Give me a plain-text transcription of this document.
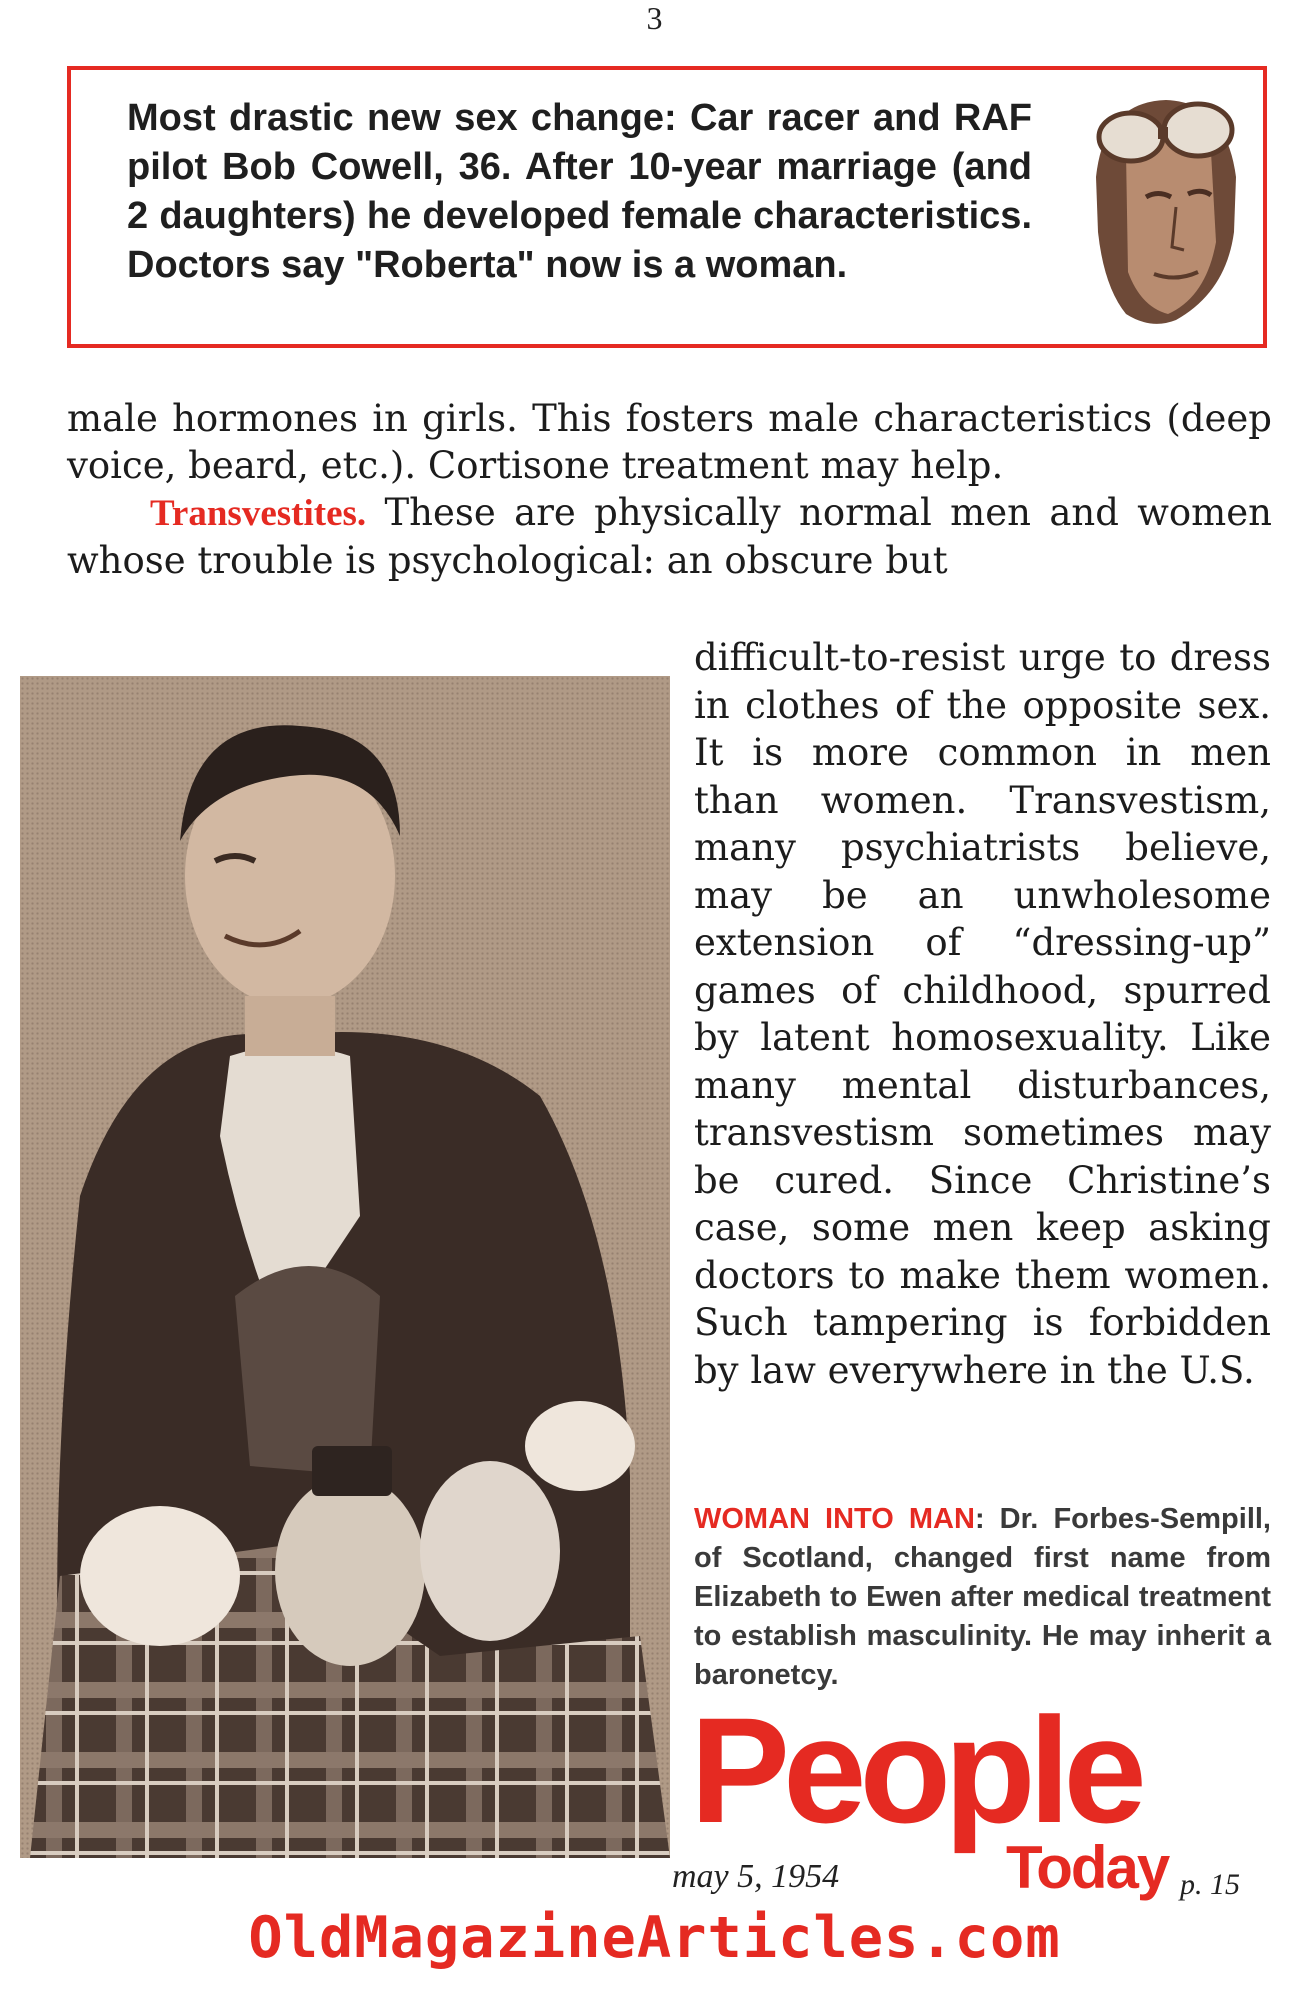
3
Most drastic new sex change: Car racer and RAF pilot Bob Cowell, 36. After 10-year marriage (and 2 daughters) he developed female characteristics. Doctors say "Roberta" now is a woman.

male hormones in girls. This fosters male characteristics (deep voice, beard, etc.). Cortisone treatment may help.

Transvestites. These are physically normal men and women whose trouble is psychological: an obscure but

difficult-to-resist urge to dress in clothes of the opposite sex. It is more common in men than women. Transvestism, many psychiatrists believe, may be an unwholesome extension of “dressing-up” games of childhood, spurred by latent homosexuality. Like many mental disturbances, transvestism sometimes may be cured. Since Christine’s case, some men keep asking doctors to make them women. Such tampering is forbidden by law everywhere in the U.S.
WOMAN INTO MAN: Dr. Forbes-Sempill, of Scotland, changed first name from Elizabeth to Ewen after medical treatment to establish masculinity. He may inherit a baronetcy.
People
Today
may 5, 1954	p. 15
OldMagazineArticles.com
